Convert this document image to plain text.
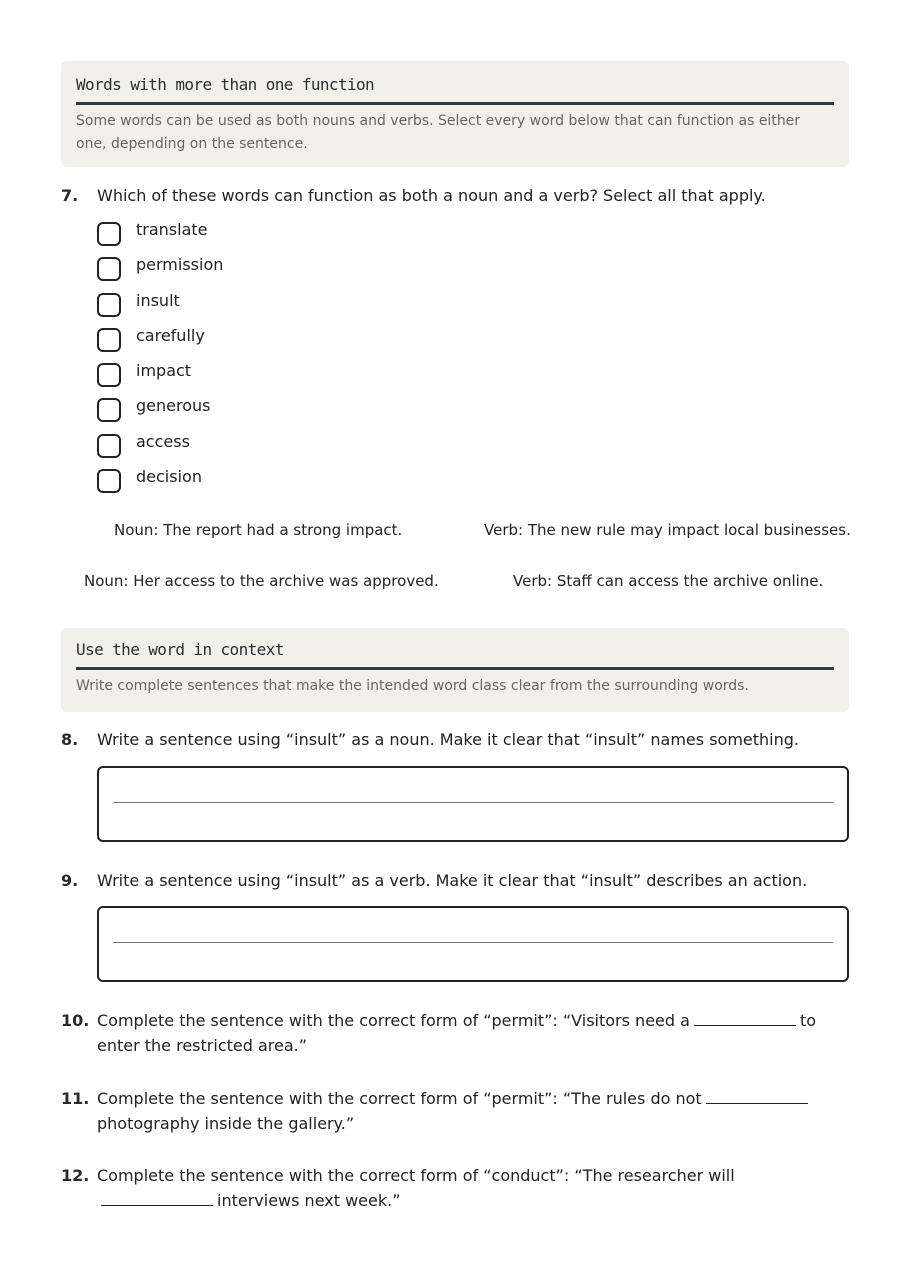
Words with more than one function
Some words can be used as both nouns and verbs. Select every word below that can function as either one, depending on the sentence.
7. Which of these words can function as both a noun and a verb? Select all that apply.
translate
permission
insult
carefully
impact
generous
access
decision
Noun: The report had a strong impact.	Verb: The new rule may impact local businesses.
Noun: Her access to the archive was approved.	Verb: Staff can access the archive online.
Use the word in context
Write complete sentences that make the intended word class clear from the surrounding words.
8. Write a sentence using “insult” as a noun. Make it clear that “insult” names something.
9. Write a sentence using “insult” as a verb. Make it clear that “insult” describes an action.
10. Complete the sentence with the correct form of “permit”: “Visitors need a	to enter the restricted area.”
11. Complete the sentence with the correct form of “permit”: “The rules do notphotography inside the gallery.”
12. Complete the sentence with the correct form of “conduct”: “The researcher willinterviews next week.”
